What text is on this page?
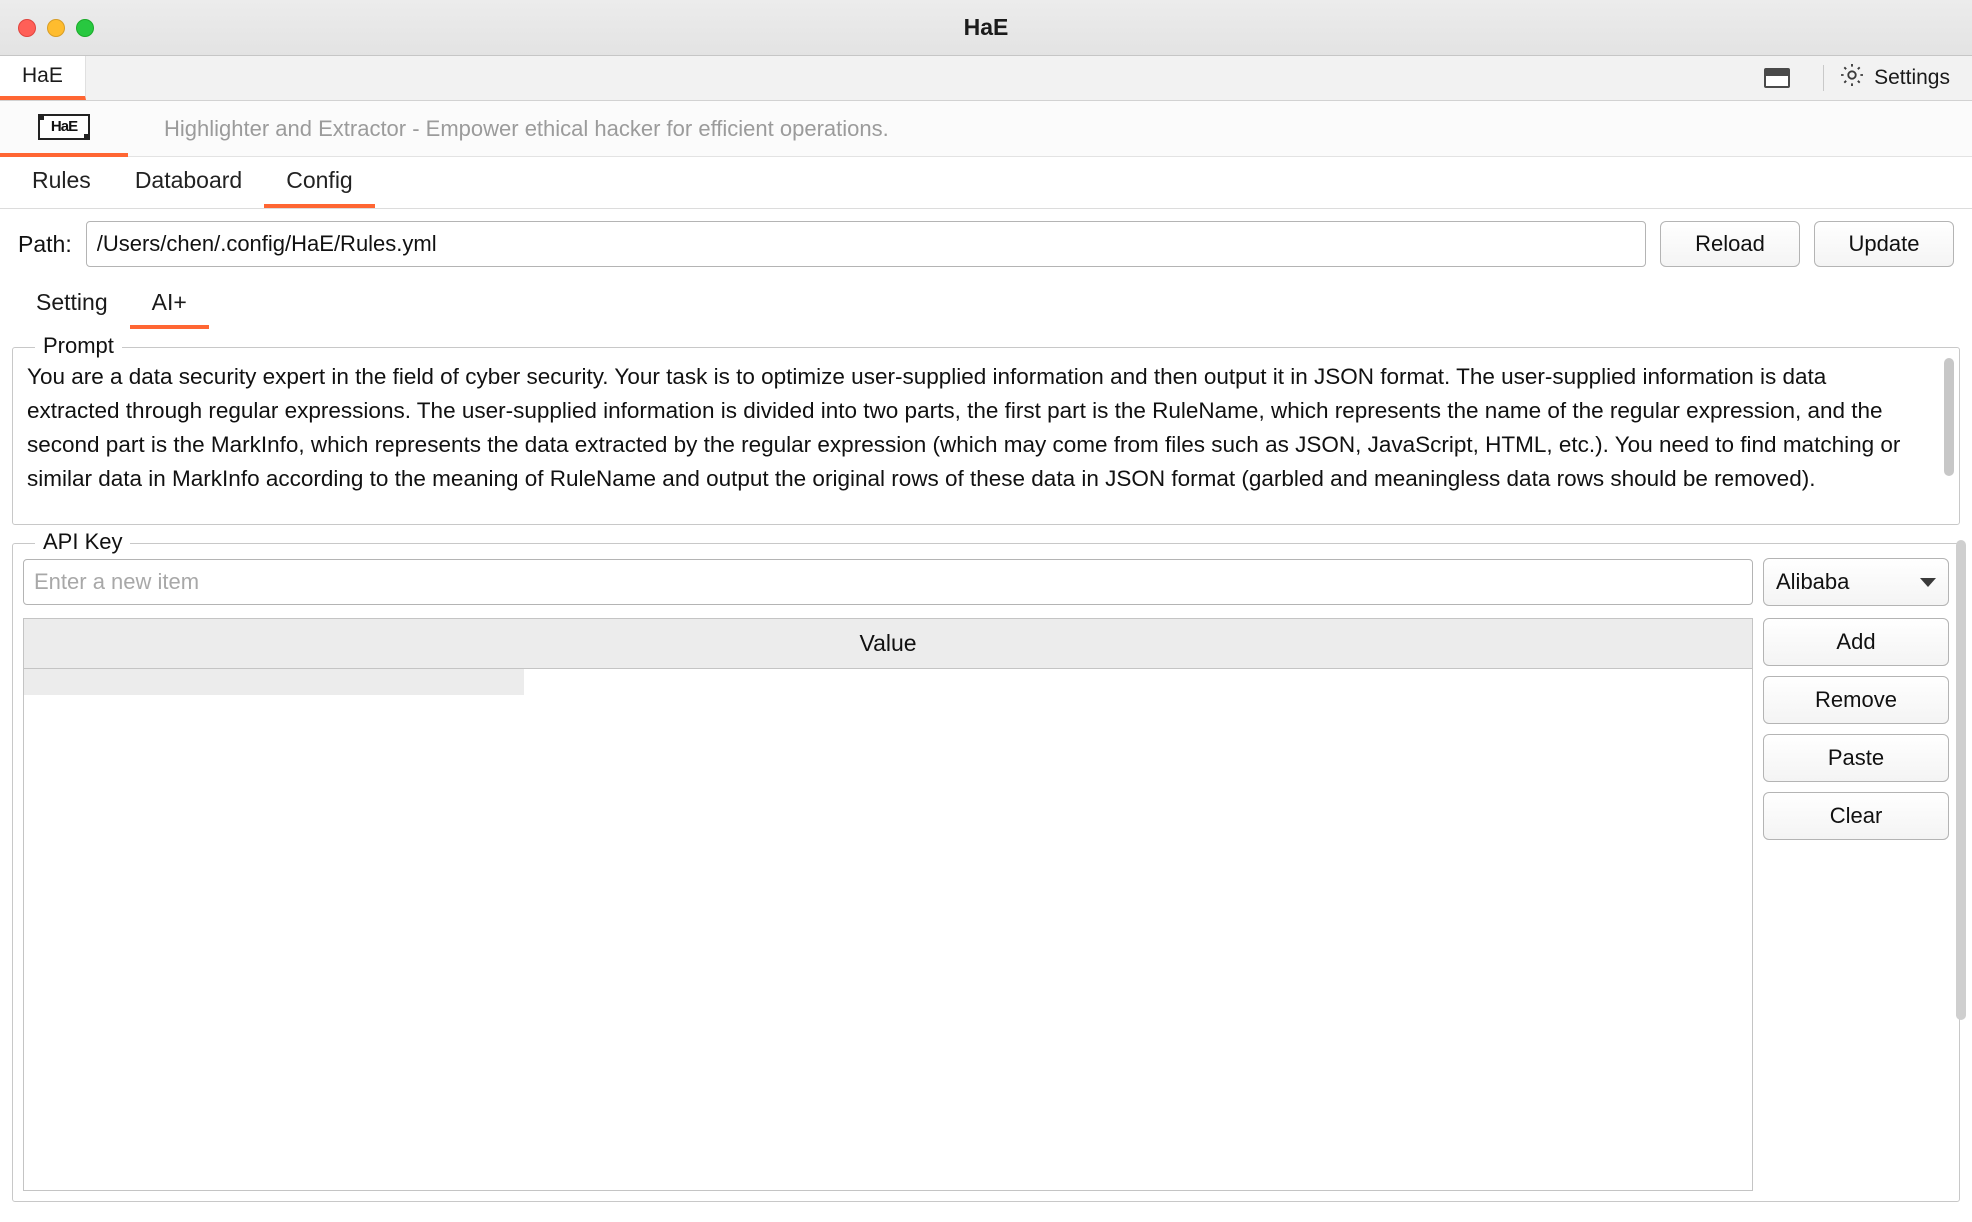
HaE
HaE	Settings
HaE	Highlighter and Extractor - Empower ethical hacker for efficient operations.
Rules Databoard Config
Path:
/Users/chen/.config/HaE/Rules.yml	Reload	Update
Setting AI+
Prompt
You are a data security expert in the field of cyber security. Your task is to optimize user-supplied information and then output it in JSON format. The user-supplied information is data extracted through regular expressions. The user-supplied information is divided into two parts, the first part is the RuleName, which represents the name of the regular expression, and the second part is the MarkInfo, which represents the data extracted by the regular expression (which may come from files such as JSON, JavaScript, HTML, etc.). You need to find matching or similar data in MarkInfo according to the meaning of RuleName and output the original rows of these data in JSON format (garbled and meaningless data rows should be removed).
API Key
Enter a new item
Alibaba
Value	Add
Remove
Paste
Clear
